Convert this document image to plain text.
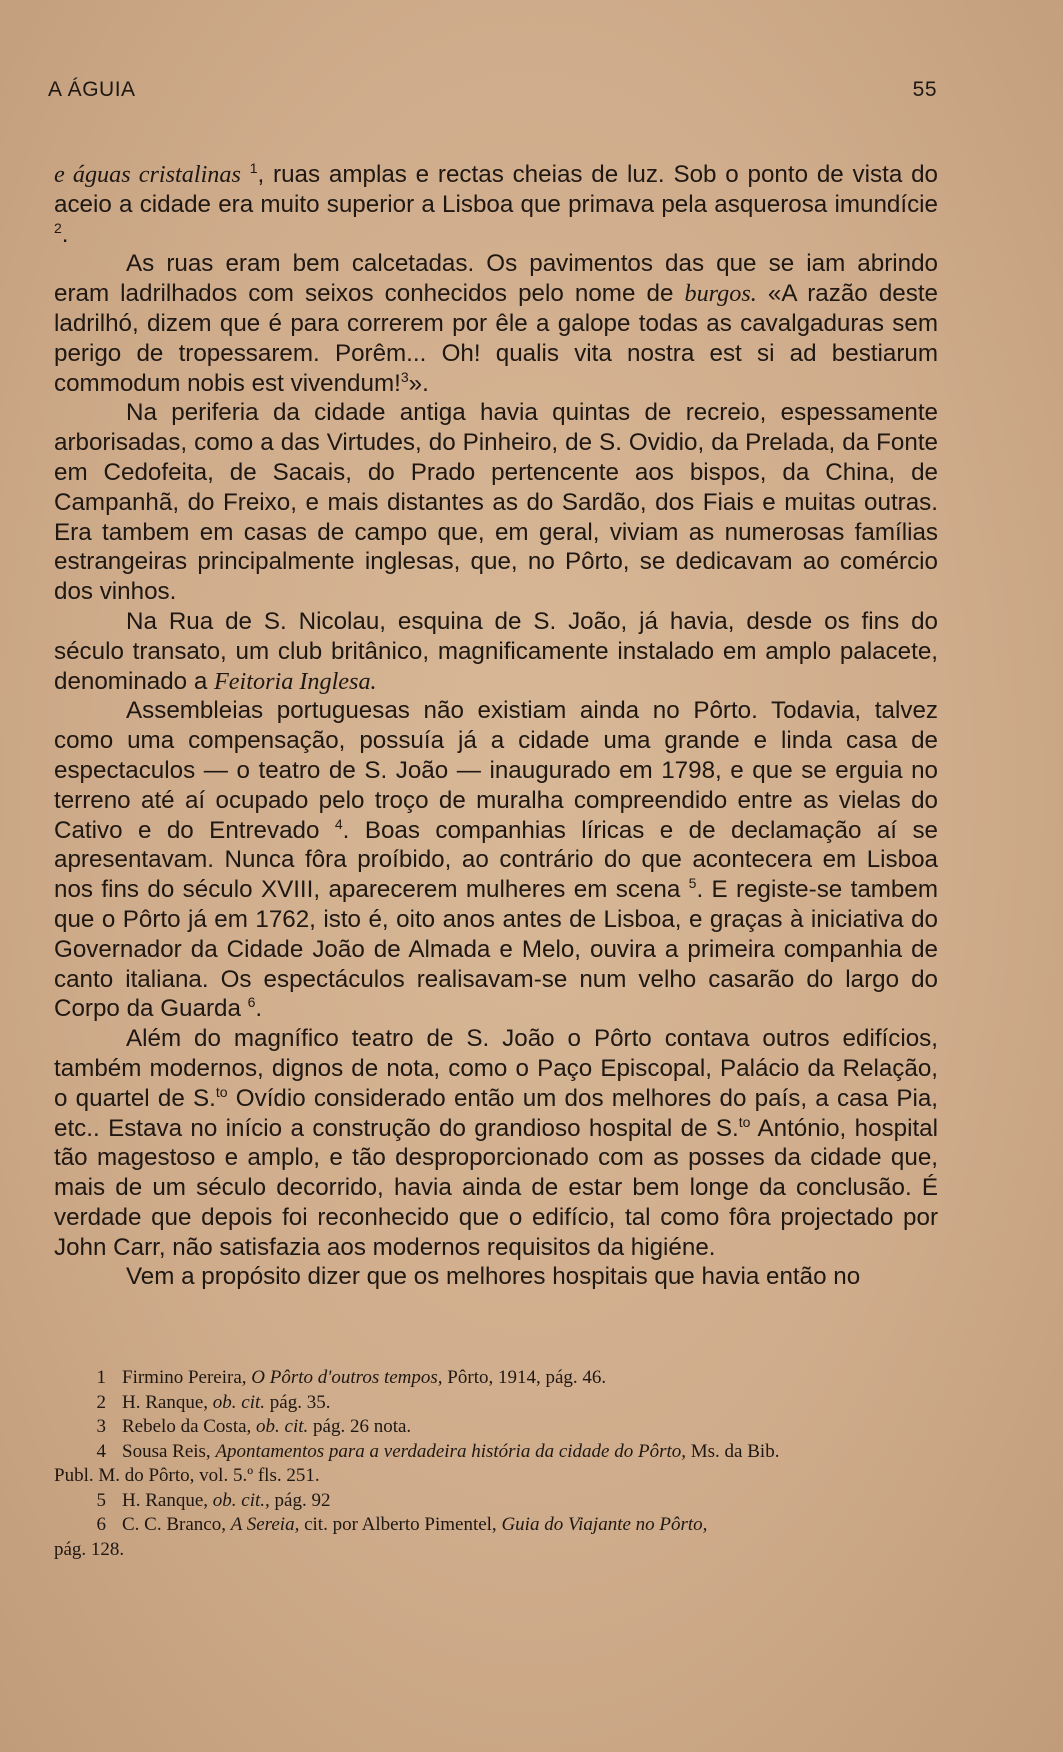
A ÁGUIA	55

e águas cristalinas $^1$, ruas amplas e rectas cheias de luz. Sob o ponto de vista do aceio a cidade era muito superior a Lisboa que primava pela asquerosa imundície $^2$.

As ruas eram bem calcetadas. Os pavimentos das que se iam abrindo eram ladrilhados com seixos conhecidos pelo nome de burgos. «A razão deste ladrilhó, dizem que é para correrem por êle a galope todas as cavalgaduras sem perigo de tropessarem. Porêm... Oh! qualis vita nostra est si ad bestiarum commodum nobis est vivendum!$^3$».

Na periferia da cidade antiga havia quintas de recreio, espessamente arborisadas, como a das Virtudes, do Pinheiro, de S. Ovidio, da Prelada, da Fonte em Cedofeita, de Sacais, do Prado pertencente aos bispos, da China, de Campanhã, do Freixo, e mais distantes as do Sardão, dos Fiais e muitas outras. Era tambem em casas de campo que, em geral, viviam as numerosas famílias estrangeiras principalmente inglesas, que, no Pôrto, se dedicavam ao comércio dos vinhos.

Na Rua de S. Nicolau, esquina de S. João, já havia, desde os fins do século transato, um club britânico, magnificamente instalado em amplo palacete, denominado a Feitoria Inglesa.

Assembleias portuguesas não existiam ainda no Pôrto. Todavia, talvez como uma compensação, possuía já a cidade uma grande e linda casa de espectaculos — o teatro de S. João — inaugurado em 1798, e que se erguia no terreno até aí ocupado pelo troço de muralha compreendido entre as vielas do Cativo e do Entrevado $^4$. Boas companhias líricas e de declamação aí se apresentavam. Nunca fôra proíbido, ao contrário do que acontecera em Lisboa nos fins do século XVIII, aparecerem mulheres em scena $^5$. E registe-se tambem que o Pôrto já em 1762, isto é, oito anos antes de Lisboa, e graças à iniciativa do Governador da Cidade João de Almada e Melo, ouvira a primeira companhia de canto italiana. Os espectáculos realisavam-se num velho casarão do largo do Corpo da Guarda $^6$.

Além do magnífico teatro de S. João o Pôrto contava outros edifícios, também modernos, dignos de nota, como o Paço Episcopal, Palácio da Relação, o quartel de S.$^{to}$ Ovídio considerado então um dos melhores do país, a casa Pia, etc.. Estava no início a construção do grandioso hospital de S.$^{to}$ António, hospital tão magestoso e amplo, e tão desproporcionado com as posses da cidade que, mais de um século decorrido, havia ainda de estar bem longe da conclusão. É verdade que depois foi reconhecido que o edifício, tal como fôra projectado por John Carr, não satisfazia aos modernos requisitos da higiéne.

Vem a propósito dizer que os melhores hospitais que havia então no

1 Firmino Pereira, O Pôrto d'outros tempos, Pôrto, 1914, pág. 46.
2 H. Ranque, ob. cit. pág. 35.
3 Rebelo da Costa, ob. cit. pág. 26 nota.
4 Sousa Reis, Apontamentos para a verdadeira história da cidade do Pôrto, Ms. da Bib.
Publ. M. do Pôrto, vol. 5.º fls. 251.
5 H. Ranque, ob. cit., pág. 92
6 C. C. Branco, A Sereia, cit. por Alberto Pimentel, Guia do Viajante no Pôrto,
pág. 128.
